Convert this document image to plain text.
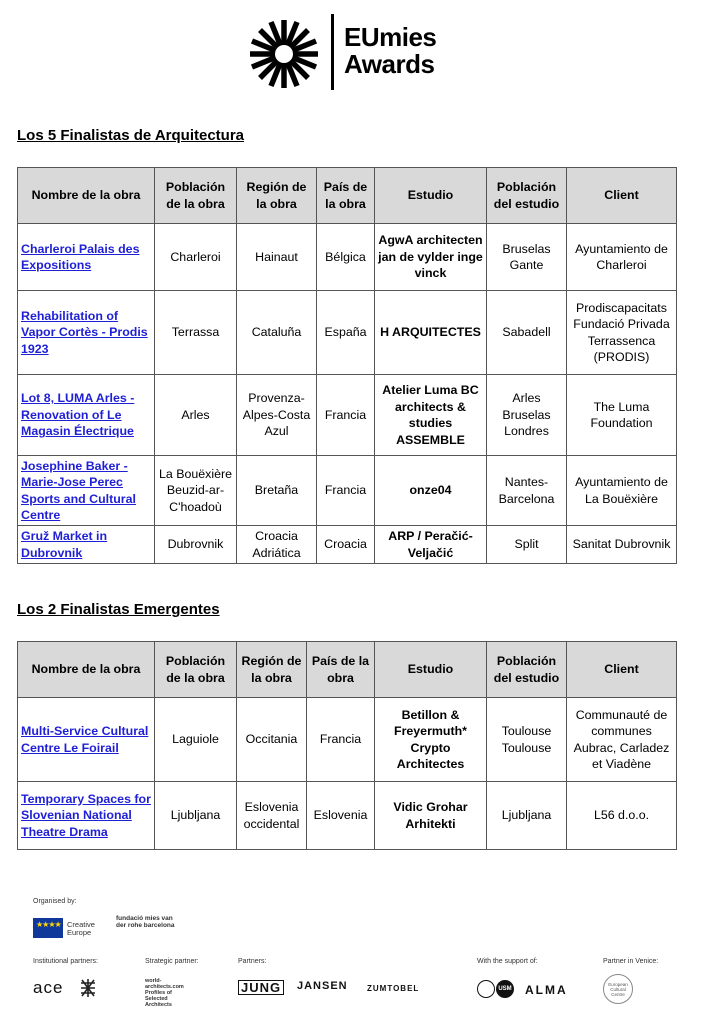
EUmies
Awards
Los 5 Finalistas de Arquitectura
Nombre de la obra	Población de la obra	Región de la obra	País de la obra	Estudio	Población del estudio	Client
Charleroi Palais des Expositions	Charleroi	Hainaut	Bélgica	AgwA architecten jan de vylder inge vinck	Bruselas Gante	Ayuntamiento de Charleroi
Rehabilitation of Vapor Cortès - Prodis 1923	Terrassa	Cataluña	España	H ARQUITECTES	Sabadell	Prodiscapacitats Fundació Privada Terrassenca (PRODIS)
Lot 8, LUMA Arles - Renovation of Le Magasin Électrique	Arles	Provenza-Alpes-Costa Azul	Francia	Atelier Luma BC architects & studies ASSEMBLE	Arles Bruselas Londres	The Luma Foundation
Josephine Baker - Marie-Jose Perec Sports and Cultural Centre	La Bouëxière Beuzid-ar-C'hoadoù	Bretaña	Francia	onze04	Nantes-Barcelona	Ayuntamiento de La Bouëxière
Gruž Market in Dubrovnik	Dubrovnik	Croacia Adriática	Croacia	ARP / Peračić-Veljačić	Split	Sanitat Dubrovnik
Los 2 Finalistas Emergentes
Nombre de la obra	Población de la obra	Región de la obra	País de la obra	Estudio	Población del estudio	Client
Multi-Service Cultural Centre Le Foirail	Laguiole	Occitania	Francia	Betillon & Freyermuth* Crypto Architectes	Toulouse Toulouse	Communauté de communes Aubrac, Carladez et Viadène
Temporary Spaces for Slovenian National Theatre Drama	Ljubljana	Eslovenia occidental	Eslovenia	Vidic Grohar Arhitekti	Ljubljana	L56 d.o.o.
Organised by:
★★★★ Creative Europe
fundació mies van der rohe barcelona
Institutional partners:	Strategic partner:	Partners:	With the support of:	Partner in Venice:
ace	world-architects.com Profiles of Selected Architects
JUNG JANSEN ZUMTOBEL	USM ALMA	European Cultural Centre
